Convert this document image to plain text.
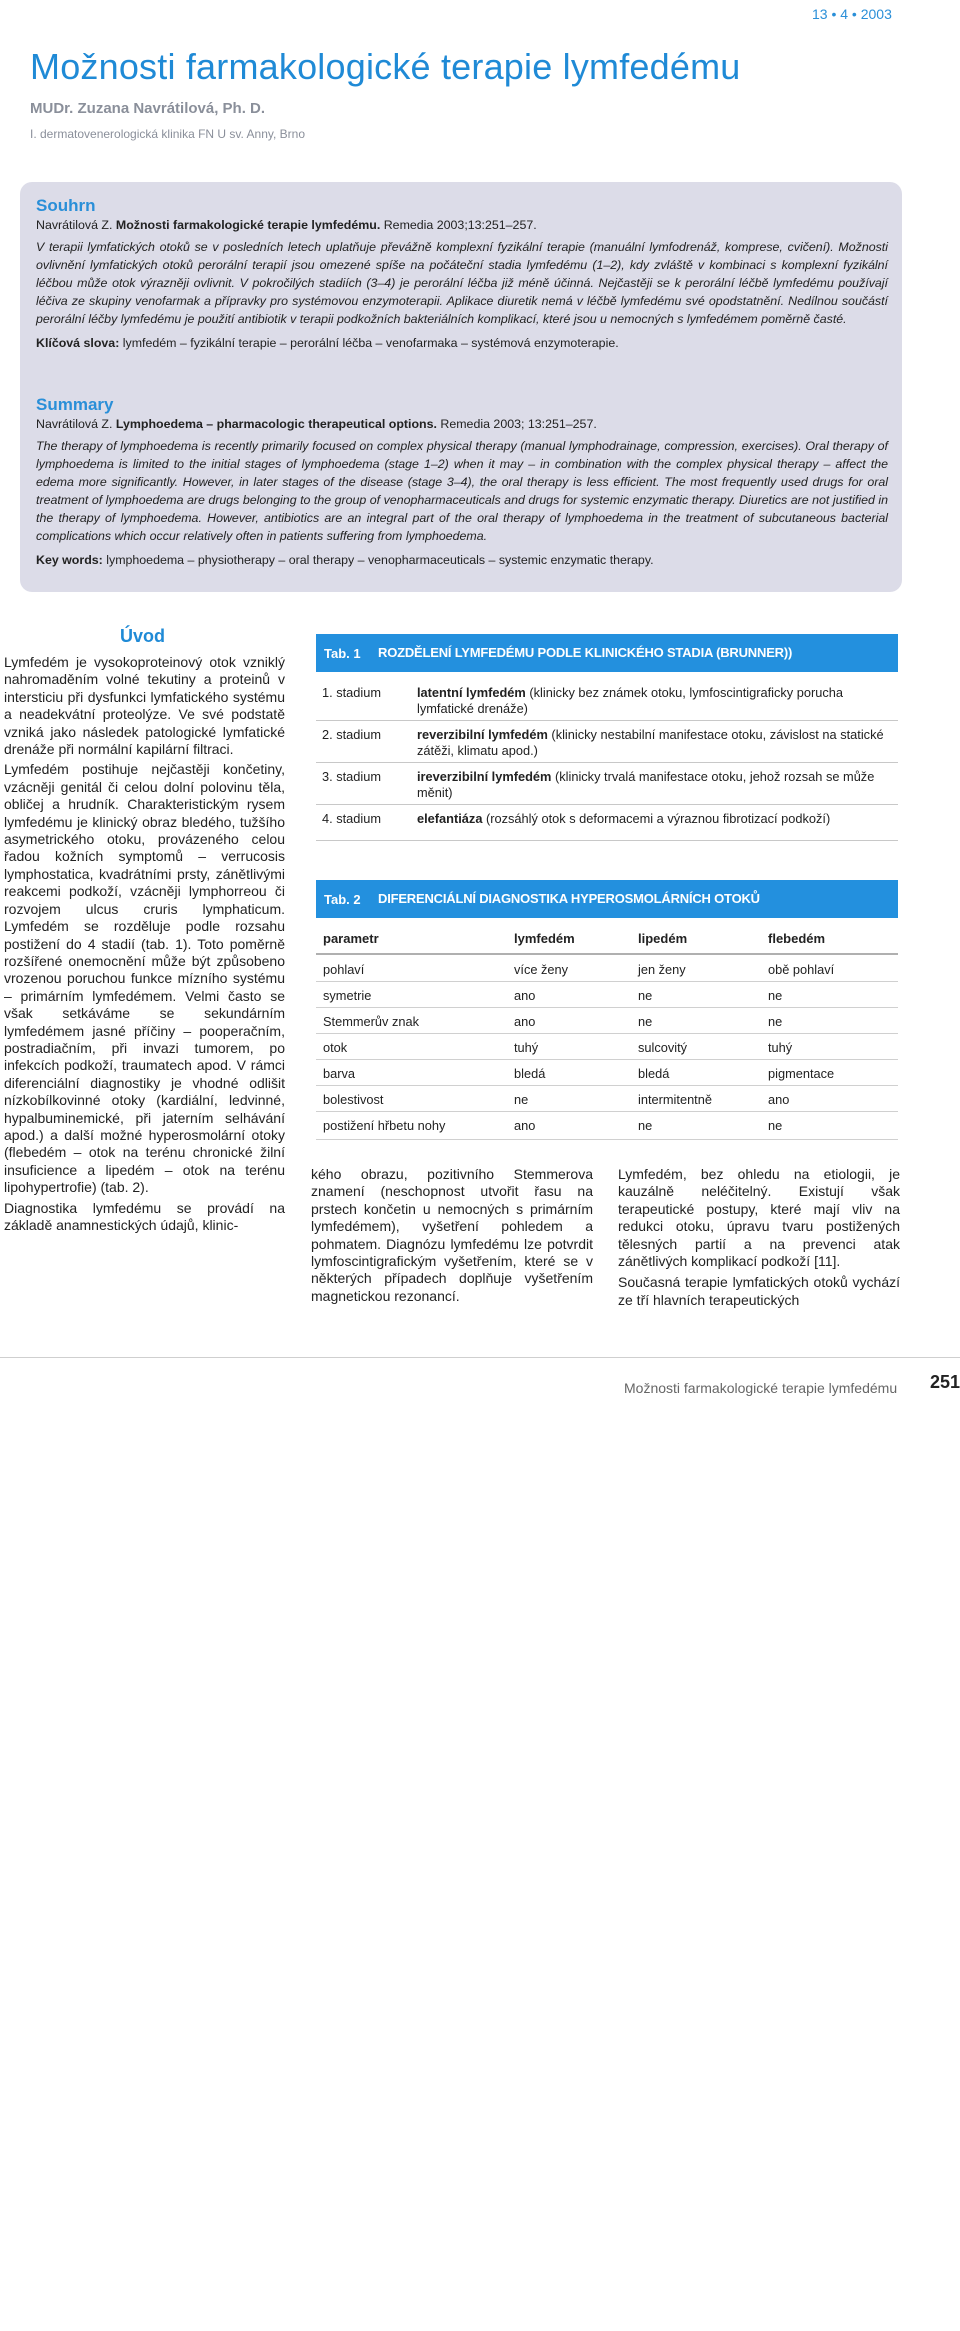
13 • 4 • 2003
Možnosti farmakologické terapie lymfedému
MUDr. Zuzana Navrátilová, Ph. D.
I. dermatovenerologická klinika FN U sv. Anny, Brno
Souhrn
Navrátilová Z. Možnosti farmakologické terapie lymfedému. Remedia 2003;13:251–257.
V terapii lymfatických otoků se v posledních letech uplatňuje převážně komplexní fyzikální terapie (manuální lymfodrenáž, komprese, cvičení). Možnosti ovlivnění lymfatických otoků perorální terapií jsou omezené spíše na počáteční stadia lymfedému (1–2), kdy zvláště v kombinaci s komplexní fyzikální léčbou může otok výrazněji ovlivnit. V pokročilých stadiích (3–4) je perorální léčba již méně účinná. Nejčastěji se k perorální léčbě lymfedému používají léčiva ze skupiny venofarmak a přípravky pro systémovou enzymoterapii. Aplikace diuretik nemá v léčbě lymfedému své opodstatnění. Nedílnou součástí perorální léčby lymfedému je použití antibiotik v terapii podkožních bakteriálních komplikací, které jsou u nemocných s lymfedémem poměrně časté.
Klíčová slova: lymfedém – fyzikální terapie – perorální léčba – venofarmaka – systémová enzymoterapie.
Summary
Navrátilová Z. Lymphoedema – pharmacologic therapeutical options. Remedia 2003; 13:251–257.
The therapy of lymphoedema is recently primarily focused on complex physical therapy (manual lymphodrainage, compression, exercises). Oral therapy of lymphoedema is limited to the initial stages of lymphoedema (stage 1–2) when it may – in combination with the complex physical therapy – affect the edema more significantly. However, in later stages of the disease (stage 3–4), the oral therapy is less efficient. The most frequently used drugs for oral treatment of lymphoedema are drugs belonging to the group of venopharmaceuticals and drugs for systemic enzymatic therapy. Diuretics are not justified in the therapy of lymphoedema. However, antibiotics are an integral part of the oral therapy of lymphoedema in the treatment of subcutaneous bacterial complications which occur relatively often in patients suffering from lymphoedema.
Key words: lymphoedema – physiotherapy – oral therapy – venopharmaceuticals – systemic enzymatic therapy.
Úvod

Lymfedém je vysokoproteinový otok vzniklý nahromaděním volné tekutiny a proteinů v intersticiu při dysfunkci lymfatického systému a neadekvátní proteolýze. Ve své podstatě vzniká jako následek patologické lymfatické drenáže při normální kapilární filtraci.

Lymfedém postihuje nejčastěji končetiny, vzácněji genitál či celou dolní polovinu těla, obličej a hrudník. Charakteristickým rysem lymfedému je klinický obraz bledého, tužšího asymetrického otoku, provázeného celou řadou kožních symptomů – verrucosis lymphostatica, kvadrátními prsty, zánětlivými reakcemi podkoží, vzácněji lymphorreou či rozvojem ulcus cruris lymphaticum. Lymfedém se rozděluje podle rozsahu postižení do 4 stadií (tab. 1). Toto poměrně rozšířené onemocnění může být způsobeno vrozenou poruchou funkce mízního systému – primárním lymfedémem. Velmi často se však setkáváme se sekundárním lymfedémem jasné příčiny – pooperačním, postradiačním, při invazi tumorem, po infekcích podkoží, traumatech apod. V rámci diferenciální diagnostiky je vhodné odlišit nízkobílkovinné otoky (kardiální, ledvinné, hypalbuminemické, při jaterním selhávání apod.) a další možné hyperosmolární otoky (flebedém – otok na terénu chronické žilní insuficience a lipedém – otok na terénu lipohypertrofie) (tab. 2).

Diagnostika lymfedému se provádí na základě anamnestických údajů, klinic-

Tab. 1 ROZDĚLENÍ LYMFEDÉMU PODLE KLINICKÉHO STADIA (BRUNNER))
1. stadium	latentní lymfedém (klinicky bez známek otoku, lymfoscintigraficky porucha lymfatické drenáže)
2. stadium	reverzibilní lymfedém (klinicky nestabilní manifestace otoku, závislost na statické zátěži, klimatu apod.)
3. stadium	ireverzibilní lymfedém (klinicky trvalá manifestace otoku, jehož rozsah se může měnit)
4. stadium	elefantiáza (rozsáhlý otok s deformacemi a výraznou fibrotizací podkoží)
Tab. 2 DIFERENCIÁLNÍ DIAGNOSTIKA HYPEROSMOLÁRNÍCH OTOKŮ
parametr	lymfedém	lipedém	flebedém
pohlaví	více ženy	jen ženy	obě pohlaví
symetrie	ano	ne	ne
Stemmerův znak	ano	ne	ne
otok	tuhý	sulcovitý	tuhý
barva	bledá	bledá	pigmentace
bolestivost	ne	intermitentně	ano
postižení hřbetu nohy	ano	ne	ne

kého obrazu, pozitivního Stemmerova znamení (neschopnost utvořit řasu na prstech končetin u nemocných s primárním lymfedémem), vyšetření pohledem a pohmatem. Diagnózu lymfedému lze potvrdit lymfoscintigrafickým vyšetřením, které se v některých případech doplňuje vyšetřením magnetickou rezonancí.

Lymfedém, bez ohledu na etiologii, je kauzálně neléčitelný. Existují však terapeutické postupy, které mají vliv na redukci otoku, úpravu tvaru postižených tělesných partií a na prevenci atak zánětlivých komplikací podkoží [11].

Současná terapie lymfatických otoků vychází ze tří hlavních terapeutických

Možnosti farmakologické terapie lymfedému 251
